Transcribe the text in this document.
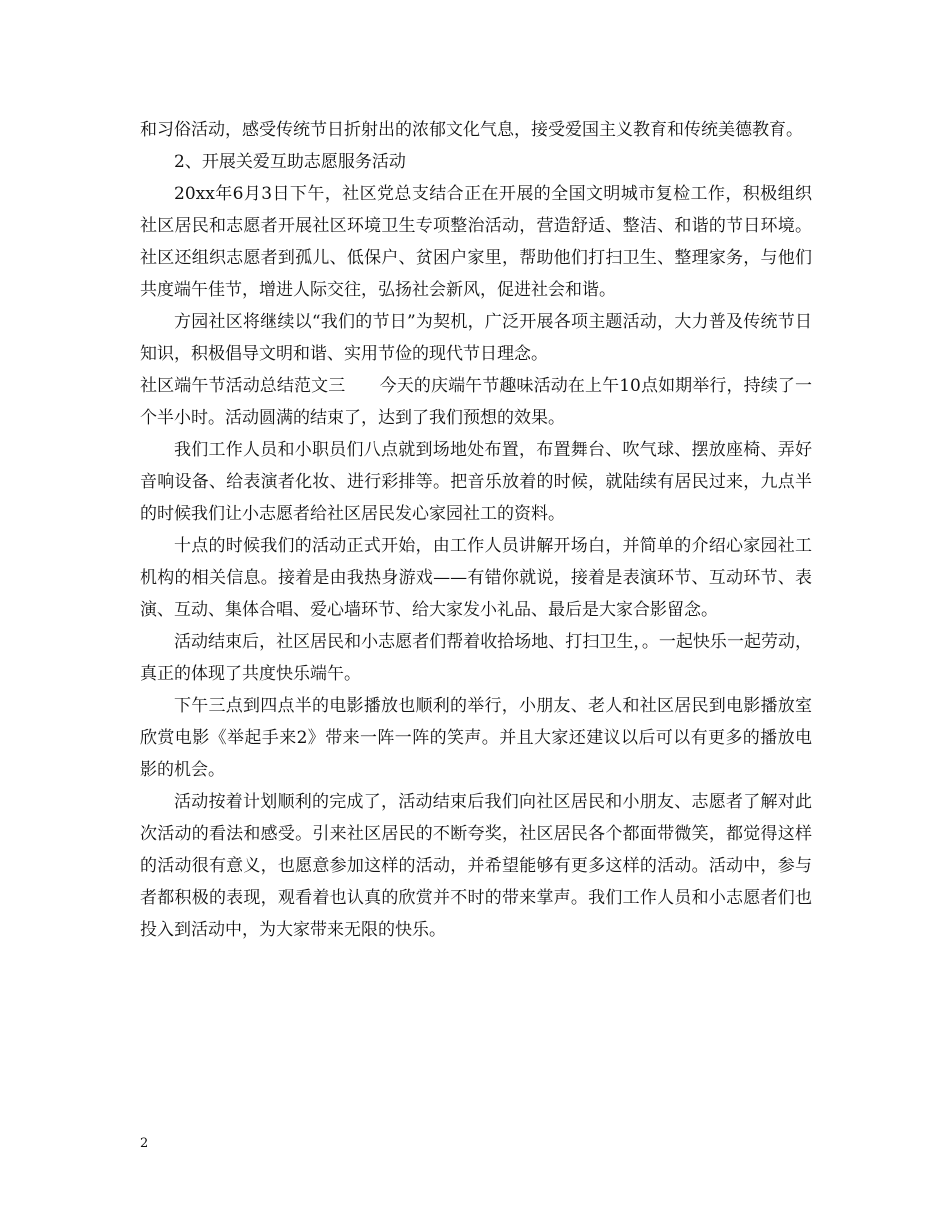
和习俗活动，感受传统节日折射出的浓郁文化气息，接受爱国主义教育和传统美德教育。

2、开展关爱互助志愿服务活动

20xx年6月3日下午，社区党总支结合正在开展的全国文明城市复检工作，积极组织社区居民和志愿者开展社区环境卫生专项整治活动，营造舒适、整洁、和谐的节日环境。社区还组织志愿者到孤儿、低保户、贫困户家里，帮助他们打扫卫生、整理家务，与他们共度端午佳节，增进人际交往，弘扬社会新风，促进社会和谐。

方园社区将继续以“我们的节日”为契机，广泛开展各项主题活动，大力普及传统节日知识，积极倡导文明和谐、实用节俭的现代节日理念。

社区端午节活动总结范文三　　今天的庆端午节趣味活动在上午10点如期举行，持续了一个半小时。活动圆满的结束了，达到了我们预想的效果。

我们工作人员和小职员们八点就到场地处布置，布置舞台、吹气球、摆放座椅、弄好音响设备、给表演者化妆、进行彩排等。把音乐放着的时候，就陆续有居民过来，九点半的时候我们让小志愿者给社区居民发心家园社工的资料。

十点的时候我们的活动正式开始，由工作人员讲解开场白，并简单的介绍心家园社工机构的相关信息。接着是由我热身游戏——有错你就说，接着是表演环节、互动环节、表演、互动、集体合唱、爱心墙环节、给大家发小礼品、最后是大家合影留念。

活动结束后，社区居民和小志愿者们帮着收拾场地、打扫卫生，。一起快乐一起劳动，真正的体现了共度快乐端午。

下午三点到四点半的电影播放也顺利的举行，小朋友、老人和社区居民到电影播放室欣赏电影《举起手来2》带来一阵一阵的笑声。并且大家还建议以后可以有更多的播放电影的机会。

活动按着计划顺利的完成了，活动结束后我们向社区居民和小朋友、志愿者了解对此次活动的看法和感受。引来社区居民的不断夸奖，社区居民各个都面带微笑，都觉得这样的活动很有意义，也愿意参加这样的活动，并希望能够有更多这样的活动。活动中，参与者都积极的表现，观看着也认真的欣赏并不时的带来掌声。我们工作人员和小志愿者们也投入到活动中，为大家带来无限的快乐。

2
